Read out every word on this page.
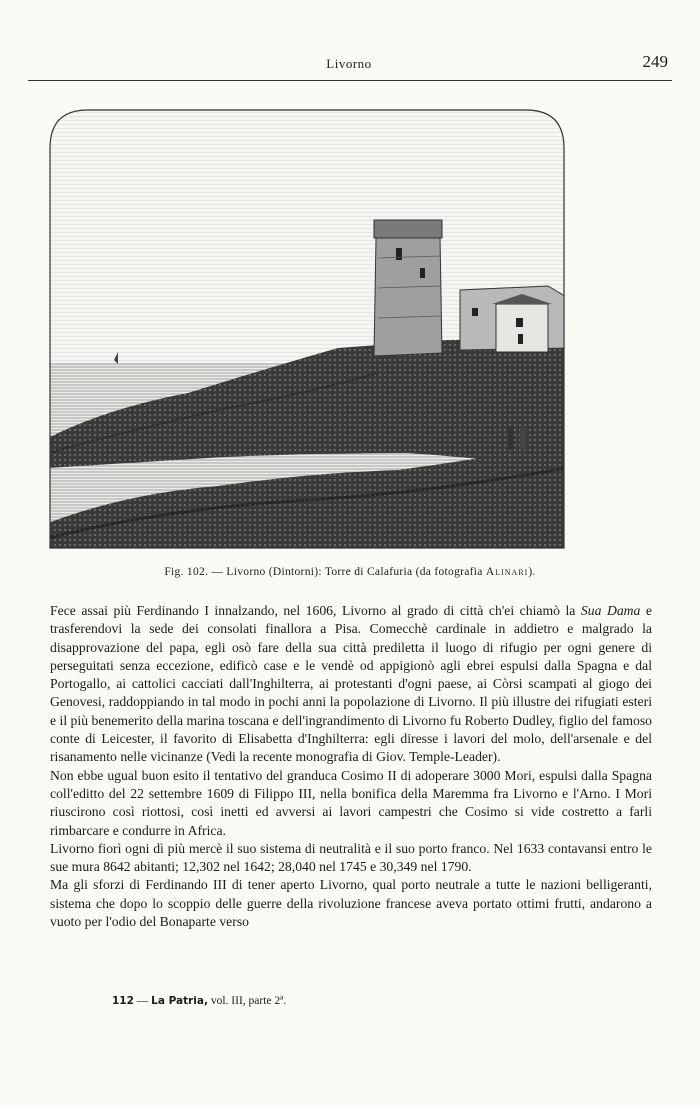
Livorno	249
Fig. 102. — Livorno (Dintorni): Torre di Calafuria (da fotografia Alinari).

Fece assai più Ferdinando I innalzando, nel 1606, Livorno al grado di città ch'ei chiamò la Sua Dama e trasferendovi la sede dei consolati finallora a Pisa. Comecchè cardinale in addietro e malgrado la disapprovazione del papa, egli osò fare della sua città prediletta il luogo di rifugio per ogni genere di perseguitati senza eccezione, edificò case e le vendè od appigionò agli ebrei espulsi dalla Spagna e dal Portogallo, ai cattolici cacciati dall'Inghilterra, ai protestanti d'ogni paese, ai Còrsi scampati al giogo dei Genovesi, raddoppiando in tal modo in pochi anni la popolazione di Livorno. Il più illustre dei rifugiati esteri e il più benemerito della marina toscana e dell'ingrandimento di Livorno fu Roberto Dudley, figlio del famoso conte di Leicester, il favorito di Elisabetta d'Inghilterra: egli diresse i lavori del molo, dell'arsenale e del risanamento nelle vicinanze (Vedi la recente monografia di Giov. Temple-Leader).

Non ebbe ugual buon esito il tentativo del granduca Cosimo II di adoperare 3000 Mori, espulsi dalla Spagna coll'editto del 22 settembre 1609 di Filippo III, nella bonifica della Maremma fra Livorno e l'Arno. I Mori riuscirono così riottosi, così inetti ed avversi ai lavori campestri che Cosimo si vide costretto a farli rimbarcare e condurre in Africa.

Livorno fiorì ogni dì più mercè il suo sistema di neutralità e il suo porto franco. Nel 1633 contavansi entro le sue mura 8642 abitanti; 12,302 nel 1642; 28,040 nel 1745 e 30,349 nel 1790.

Ma gli sforzi di Ferdinando III di tener aperto Livorno, qual porto neutrale a tutte le nazioni belligeranti, sistema che dopo lo scoppio delle guerre della rivoluzione francese aveva portato ottimi frutti, andarono a vuoto per l'odio del Bonaparte verso

112 — La Patria, vol. III, parte 2ª.
